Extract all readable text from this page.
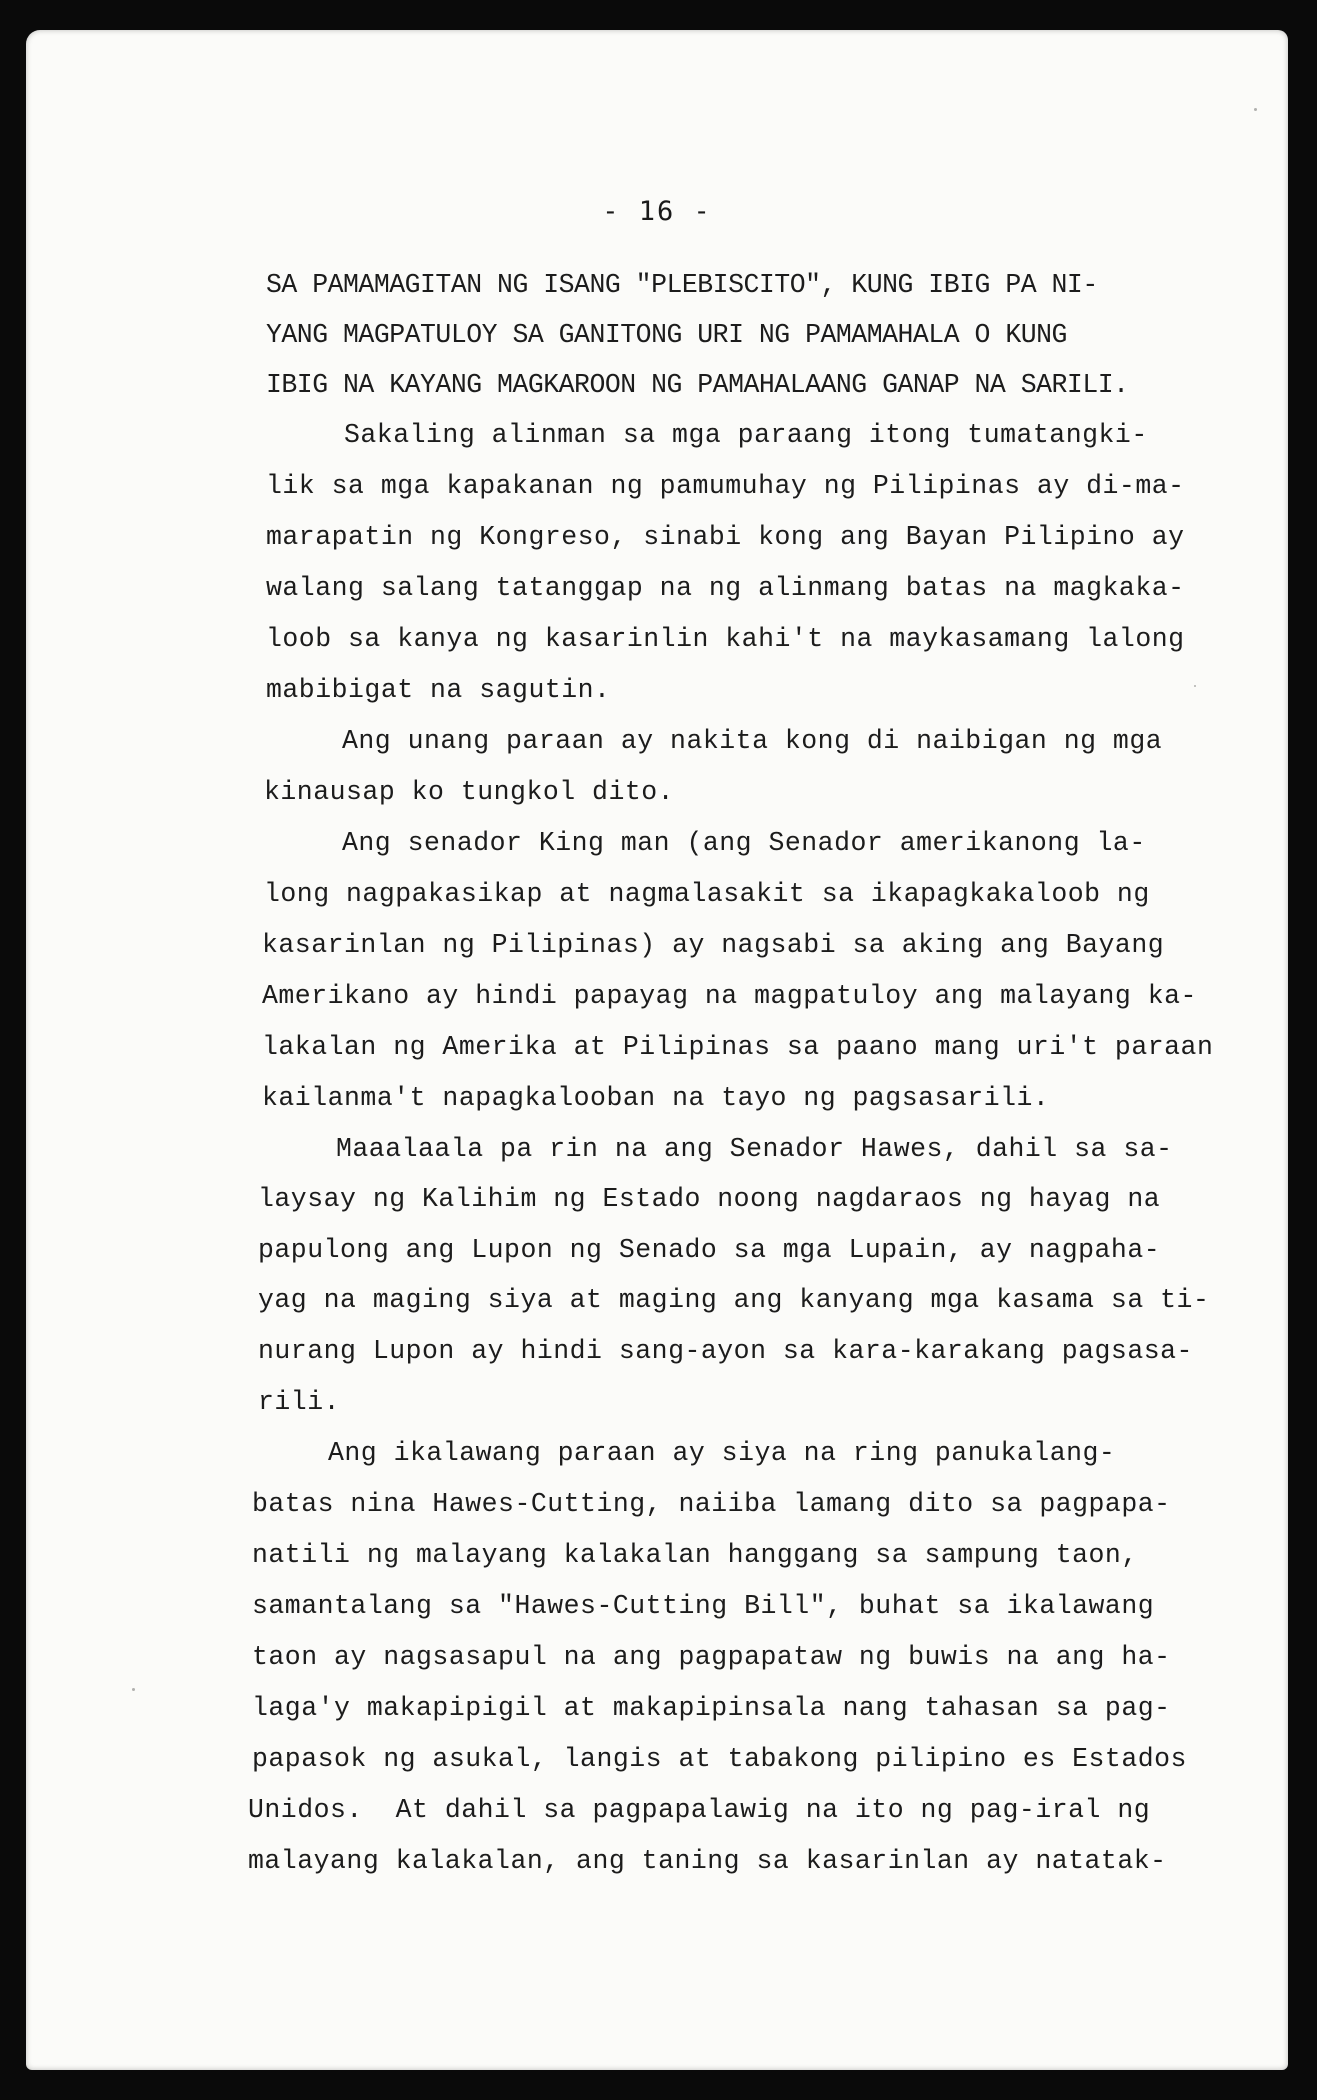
- 16 -
SA PAMAMAGITAN NG ISANG "PLEBISCITO", KUNG IBIG PA NI-
YANG MAGPATULOY SA GANITONG URI NG PAMAMAHALA O KUNG
IBIG NA KAYANG MAGKAROON NG PAMAHALAANG GANAP NA SARILI.
Sakaling alinman sa mga paraang itong tumatangki-
lik sa mga kapakanan ng pamumuhay ng Pilipinas ay di-ma-
marapatin ng Kongreso, sinabi kong ang Bayan Pilipino ay
walang salang tatanggap na ng alinmang batas na magkaka-
loob sa kanya ng kasarinlin kahi't na maykasamang lalong
mabibigat na sagutin.
Ang unang paraan ay nakita kong di naibigan ng mga
kinausap ko tungkol dito.
Ang senador King man (ang Senador amerikanong la-
long nagpakasikap at nagmalasakit sa ikapagkakaloob ng
kasarinlan ng Pilipinas) ay nagsabi sa aking ang Bayang
Amerikano ay hindi papayag na magpatuloy ang malayang ka-
lakalan ng Amerika at Pilipinas sa paano mang uri't paraan
kailanma't napagkalooban na tayo ng pagsasarili.
Maaalaala pa rin na ang Senador Hawes, dahil sa sa-
laysay ng Kalihim ng Estado noong nagdaraos ng hayag na
papulong ang Lupon ng Senado sa mga Lupain, ay nagpaha-
yag na maging siya at maging ang kanyang mga kasama sa ti-
nurang Lupon ay hindi sang-ayon sa kara-karakang pagsasa-
rili.
Ang ikalawang paraan ay siya na ring panukalang-
batas nina Hawes-Cutting, naiiba lamang dito sa pagpapa-
natili ng malayang kalakalan hanggang sa sampung taon,
samantalang sa "Hawes-Cutting Bill", buhat sa ikalawang
taon ay nagsasapul na ang pagpapataw ng buwis na ang ha-
laga'y makapipigil at makapipinsala nang tahasan sa pag-
papasok ng asukal, langis at tabakong pilipino es Estados
Unidos.  At dahil sa pagpapalawig na ito ng pag-iral ng
malayang kalakalan, ang taning sa kasarinlan ay natatak-
